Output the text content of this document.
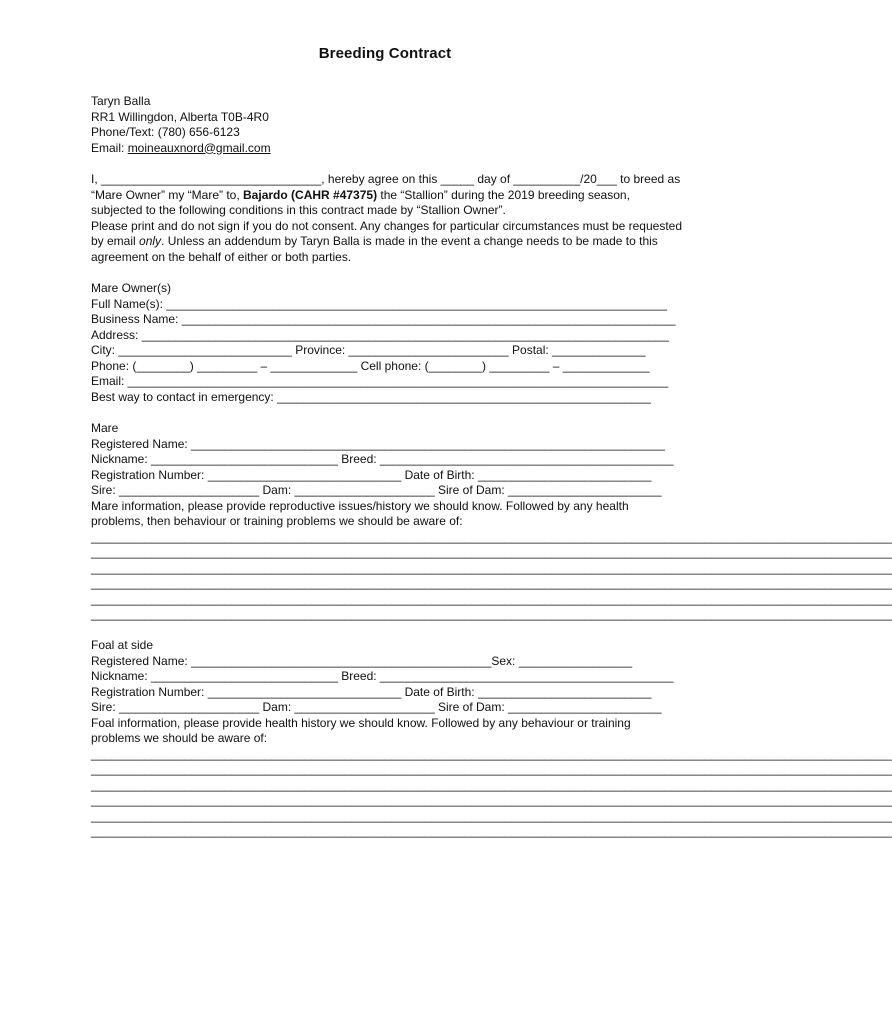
Breeding Contract
Taryn Balla
RR1 Willingdon, Alberta T0B-4R0
Phone/Text: (780) 656-6123
Email: moineauxnord@gmail.com
I, _________________________________, hereby agree on this _____ day of __________/20___ to breed as “Mare Owner” my “Mare” to, Bajardo (CAHR #47375) the “Stallion” during the 2019 breeding season, subjected to the following conditions in this contract made by “Stallion Owner”.
Please print and do not sign if you do not consent. Any changes for particular circumstances must be requested by email only. Unless an addendum by Taryn Balla is made in the event a change needs to be made to this agreement on the behalf of either or both parties.
Mare Owner(s)
Full Name(s): ___________________________________________________________________________
Business Name: __________________________________________________________________________
Address: _______________________________________________________________________________
City: __________________________ Province: ________________________ Postal: ______________
Phone: (________) _________ – _____________ Cell phone: (________) _________ – _____________
Email: _________________________________________________________________________________
Best way to contact in emergency: ________________________________________________________
Mare
Registered Name: _______________________________________________________________________
Nickname: ____________________________ Breed: ____________________________________________
Registration Number: _____________________________ Date of Birth: __________________________
Sire: _____________________ Dam: _____________________ Sire of Dam: _______________________
Mare information, please provide reproductive issues/history we should know. Followed by any health problems, then behaviour or training problems we should be aware of:
________________________________________________________________________________________________________________________
________________________________________________________________________________________________________________________
________________________________________________________________________________________________________________________
________________________________________________________________________________________________________________________
________________________________________________________________________________________________________________________
________________________________________________________________________________________________________________________
Foal at side
Registered Name: _____________________________________________Sex: _________________
Nickname: ____________________________ Breed: ____________________________________________
Registration Number: _____________________________ Date of Birth: __________________________
Sire: _____________________ Dam: _____________________ Sire of Dam: _______________________
Foal information, please provide health history we should know. Followed by any behaviour or training problems we should be aware of:
________________________________________________________________________________________________________________________
________________________________________________________________________________________________________________________
________________________________________________________________________________________________________________________
________________________________________________________________________________________________________________________
________________________________________________________________________________________________________________________
________________________________________________________________________________________________________________________
